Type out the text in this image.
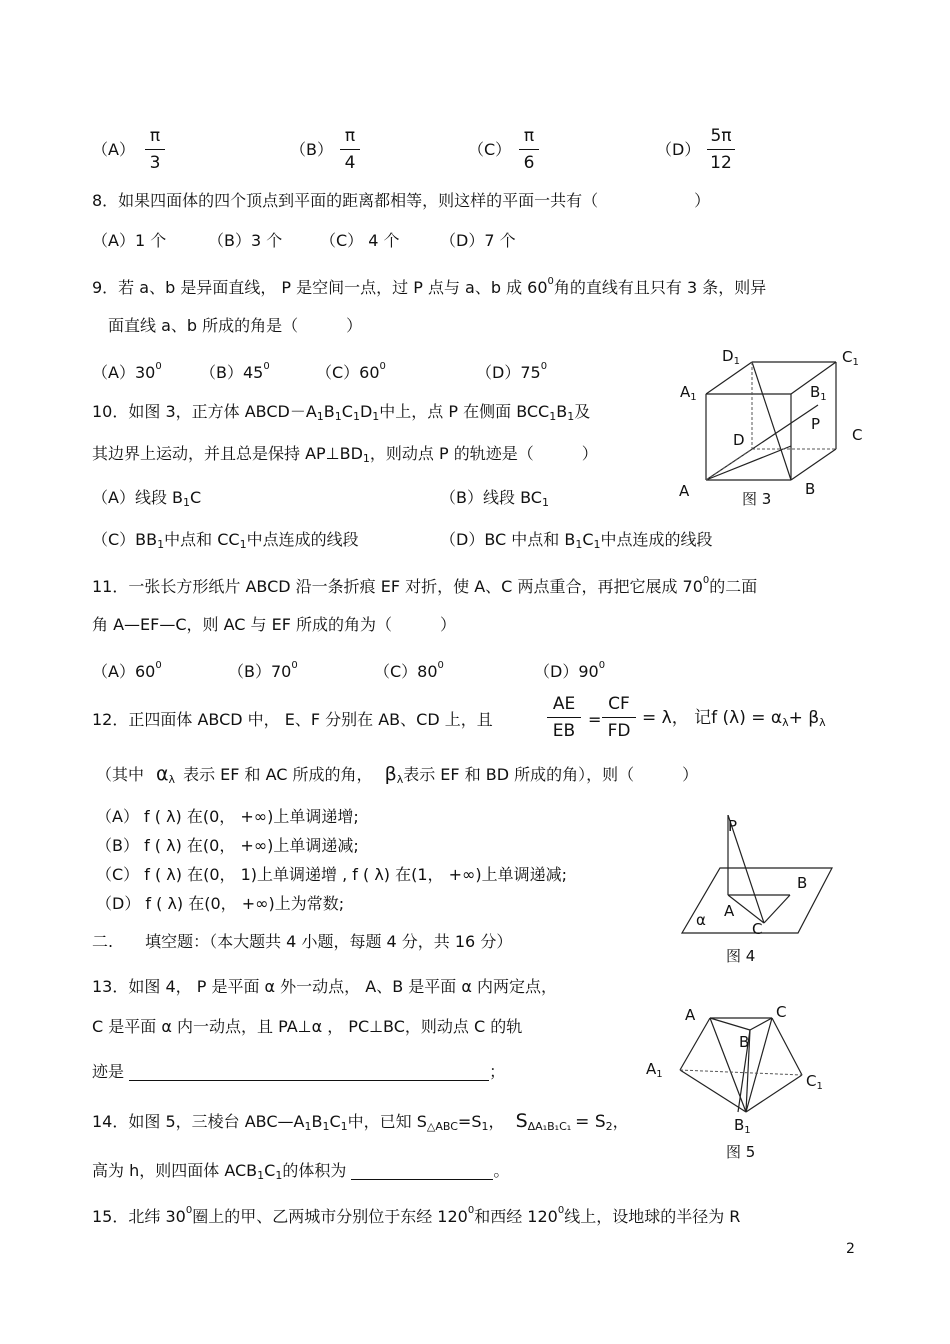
（A）
π
3
（B）
π
4
（C）
π
6
（D）
5π
12
8．如果四面体的四个顶点到平面的距离都相等，则这样的平面一共有（　　　　　　）
（A）1 个	（B）3 个 （C） 4 个	（D）7 个
9．若 a、b 是异面直线， P 是空间一点，过 P 点与 a、b 成 $60^0$角的直线有且只有 3 条，则异
面直线 a、b 所成的角是（　　　）
$(A)30^0$ $(B)45^0$	$(C)60^0$	$(D)75^0$
10．如图 3，正方体 $ABCD-A_1B_1C_1D_1$中上，点 P 在侧面 $BCC_1B_1$及
其边界上运动，并且总是保持 $AP\perp BD_1$，则动点 P 的轨迹是（　　　）
（A）线段 $B_1C$	（B）线段 $BC_1$
$(C)BB_1$中点和 $CC_1$中点连成的线段	（D）BC 中点和 $B_1C_1$中点连成的线段
$D_1$	$C_1$
$A_1$	$B_1$
P
C
D
A	B
图 3
11．一张长方形纸片 ABCD 沿一条折痕 EF 对折，使 A、C 两点重合，再把它展成 $70^0$的二面
角 A—EF—C，则 AC 与 EF 所成的角为（　　　）
$(A)60^0$	$(B)70^0$	$(C)80^0$	$(D)90^0$
12．正四面体 ABCD 中， E、F 分别在 AB、CD 上，且
AE
EB
=
CF
FD
= λ， 记f $(\lambda) = \alpha_\lambda+ \beta_\lambda$
（其中 $\alpha_\lambda$ 表示 EF 和 AC 所成的角， $\beta_\lambda$表示 EF 和 BD 所成的角），则（　　　）
（A） f ( λ) 在(0， +∞)上单调递增;
（B） f ( λ) 在(0， +∞)上单调递减;
（C） f ( λ) 在(0， 1)上单调递增 , f ( λ) 在(1， +∞)上单调递减;
（D） f ( λ) 在(0， +∞)上为常数;
P
B
A
C
α
图 4
二.　　填空题：（本大题共 4 小题，每题 4 分，共 16 分）
13．如图 4， P 是平面 α 外一动点， A、B 是平面 α 内两定点，
C 是平面 α 内一动点，且 PA⊥α ， PC⊥BC，则动点 C 的轨
迹是	；
A	C
B
$A_1$	$C_1$
$B_1$
图 5
14．如图 5，三棱台 $ABC—A_1B_1C_1$中，已知 $S_{\triangle ABC}=S_1$， $S_{\Delta A_1B_1C_1} = S_2$，
高为 h，则四面体 $ACB_1C_1$的体积为	。
15．北纬 $30^0$圈上的甲、乙两城市分别位于东经 $120^0$和西经 $120^0$线上，设地球的半径为 R
2
